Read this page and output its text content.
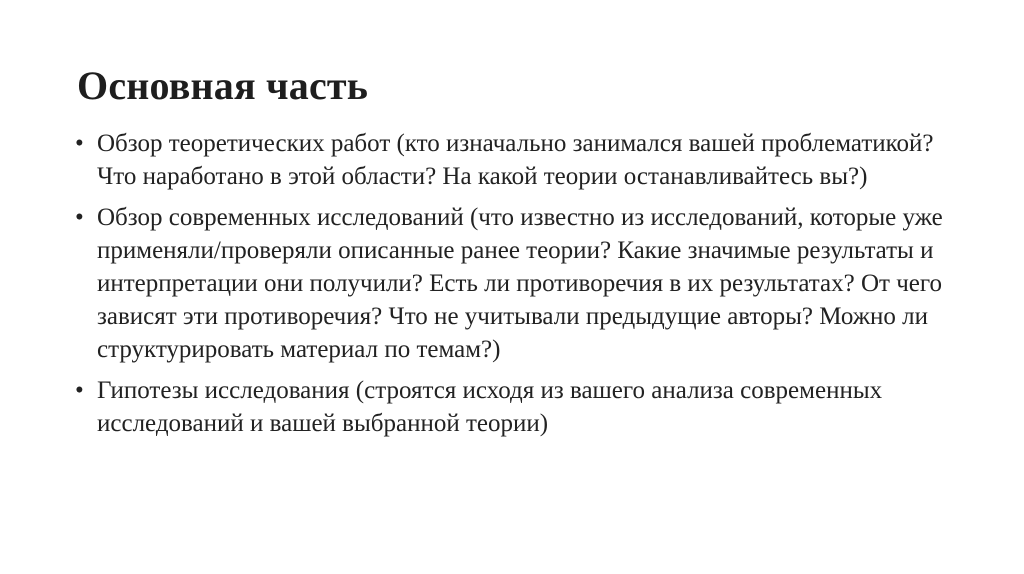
Основная часть
• Обзор теоретических работ (кто изначально занимался вашей проблематикой? Что наработано в этой области? На какой теории останавливайтесь вы?)
• Обзор современных исследований (что известно из исследований, которые уже применяли/проверяли описанные ранее теории? Какие значимые результаты и интерпретации они получили? Есть ли противоречия в их результатах? От чего зависят эти противоречия? Что не учитывали предыдущие авторы? Можно ли структурировать материал по темам?)
• Гипотезы исследования (строятся исходя из вашего анализа современных исследований и вашей выбранной теории)
